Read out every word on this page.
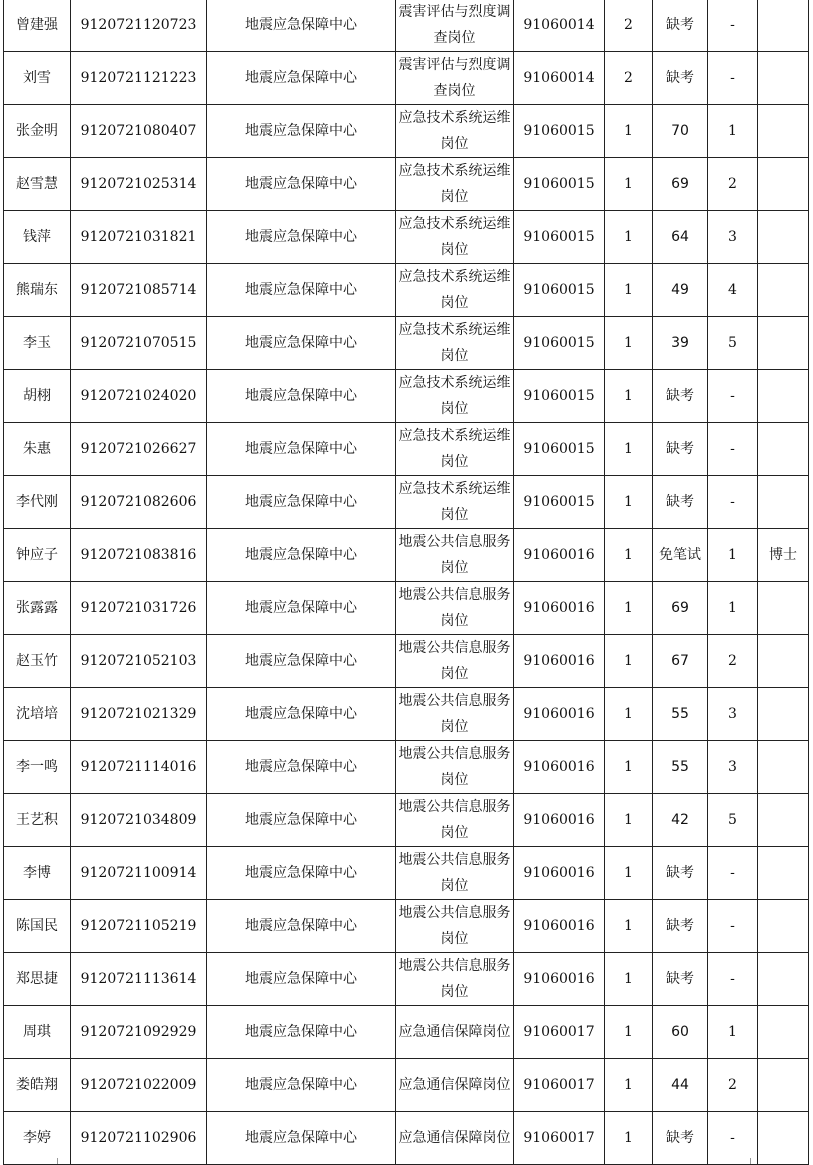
曾建强	9120721120723	地震应急保障中心	震害评估与烈度调查岗位	91060014	2	缺考	-	
刘雪	9120721121223	地震应急保障中心	震害评估与烈度调查岗位	91060014	2	缺考	-	
张金明	9120721080407	地震应急保障中心	应急技术系统运维岗位	91060015	1	70	1	
赵雪慧	9120721025314	地震应急保障中心	应急技术系统运维岗位	91060015	1	69	2	
钱萍	9120721031821	地震应急保障中心	应急技术系统运维岗位	91060015	1	64	3	
熊瑞东	9120721085714	地震应急保障中心	应急技术系统运维岗位	91060015	1	49	4	
李玉	9120721070515	地震应急保障中心	应急技术系统运维岗位	91060015	1	39	5	
胡栩	9120721024020	地震应急保障中心	应急技术系统运维岗位	91060015	1	缺考	-	
朱惠	9120721026627	地震应急保障中心	应急技术系统运维岗位	91060015	1	缺考	-	
李代刚	9120721082606	地震应急保障中心	应急技术系统运维岗位	91060015	1	缺考	-	
钟应子	9120721083816	地震应急保障中心	地震公共信息服务岗位	91060016	1	免笔试	1	博士
张露露	9120721031726	地震应急保障中心	地震公共信息服务岗位	91060016	1	69	1	
赵玉竹	9120721052103	地震应急保障中心	地震公共信息服务岗位	91060016	1	67	2	
沈培培	9120721021329	地震应急保障中心	地震公共信息服务岗位	91060016	1	55	3	
李一鸣	9120721114016	地震应急保障中心	地震公共信息服务岗位	91060016	1	55	3	
王艺积	9120721034809	地震应急保障中心	地震公共信息服务岗位	91060016	1	42	5	
李博	9120721100914	地震应急保障中心	地震公共信息服务岗位	91060016	1	缺考	-	
陈国民	9120721105219	地震应急保障中心	地震公共信息服务岗位	91060016	1	缺考	-	
郑思捷	9120721113614	地震应急保障中心	地震公共信息服务岗位	91060016	1	缺考	-	
周琪	9120721092929	地震应急保障中心	应急通信保障岗位	91060017	1	60	1	
娄皓翔	9120721022009	地震应急保障中心	应急通信保障岗位	91060017	1	44	2	
李婷	9120721102906	地震应急保障中心	应急通信保障岗位	91060017	1	缺考	-	
